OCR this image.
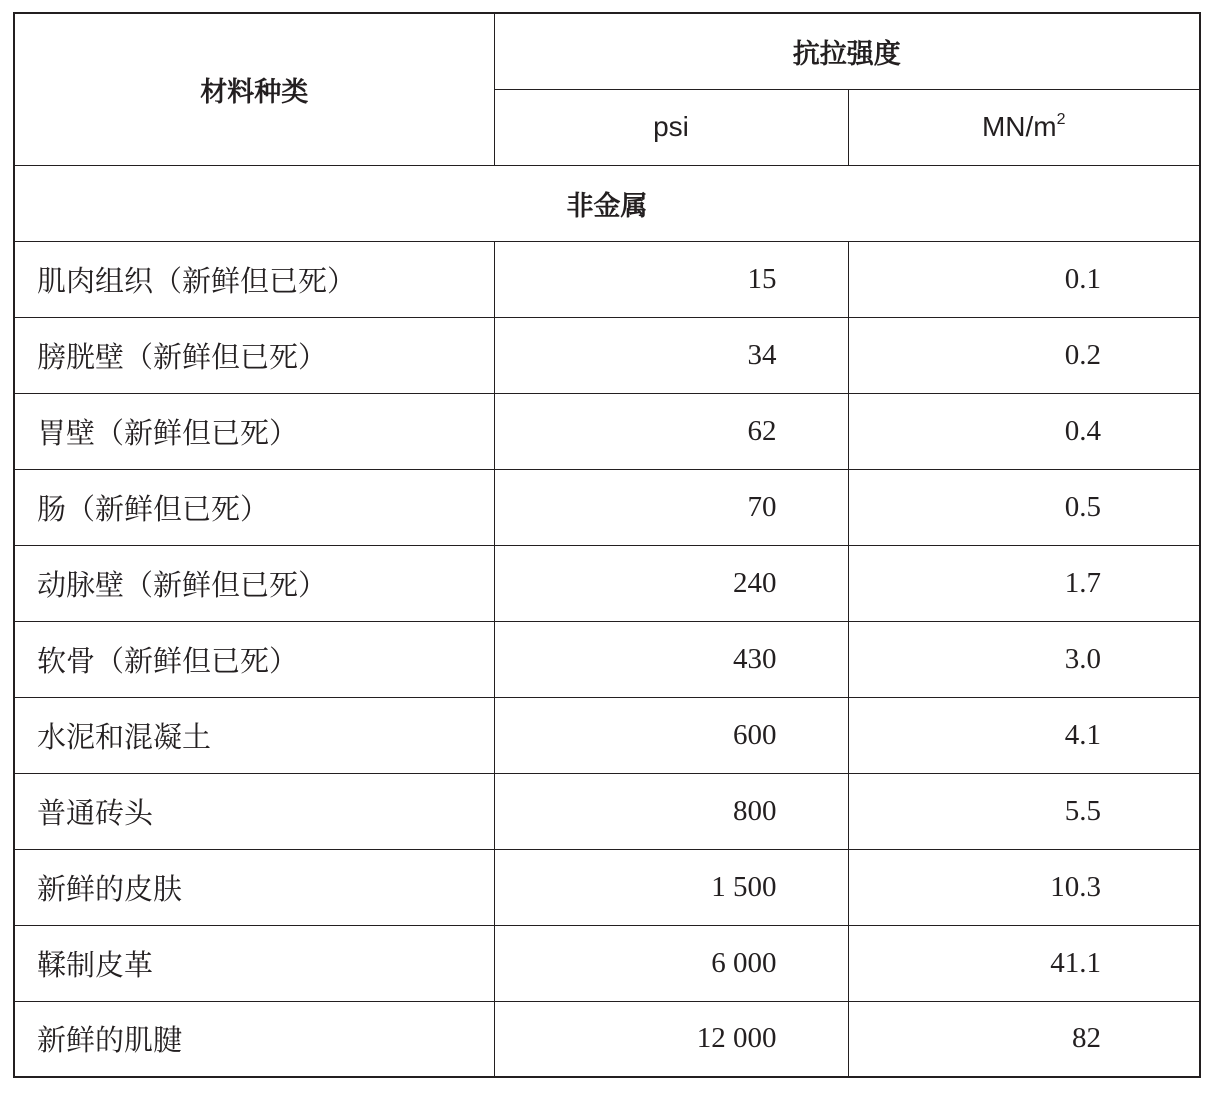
材料种类	抗拉强度	
	psi	$MN/m^2$
非金属		
肌肉组织（新鲜但已死）	15	0.1
膀胱壁（新鲜但已死）	34	0.2
胃壁（新鲜但已死）	62	0.4
肠（新鲜但已死）	70	0.5
动脉壁（新鲜但已死）	240	1.7
软骨（新鲜但已死）	430	3.0
水泥和混凝土	600	4.1
普通砖头	800	5.5
新鲜的皮肤	1 500	10.3
鞣制皮革	6 000	41.1
新鲜的肌腱	12 000	82
